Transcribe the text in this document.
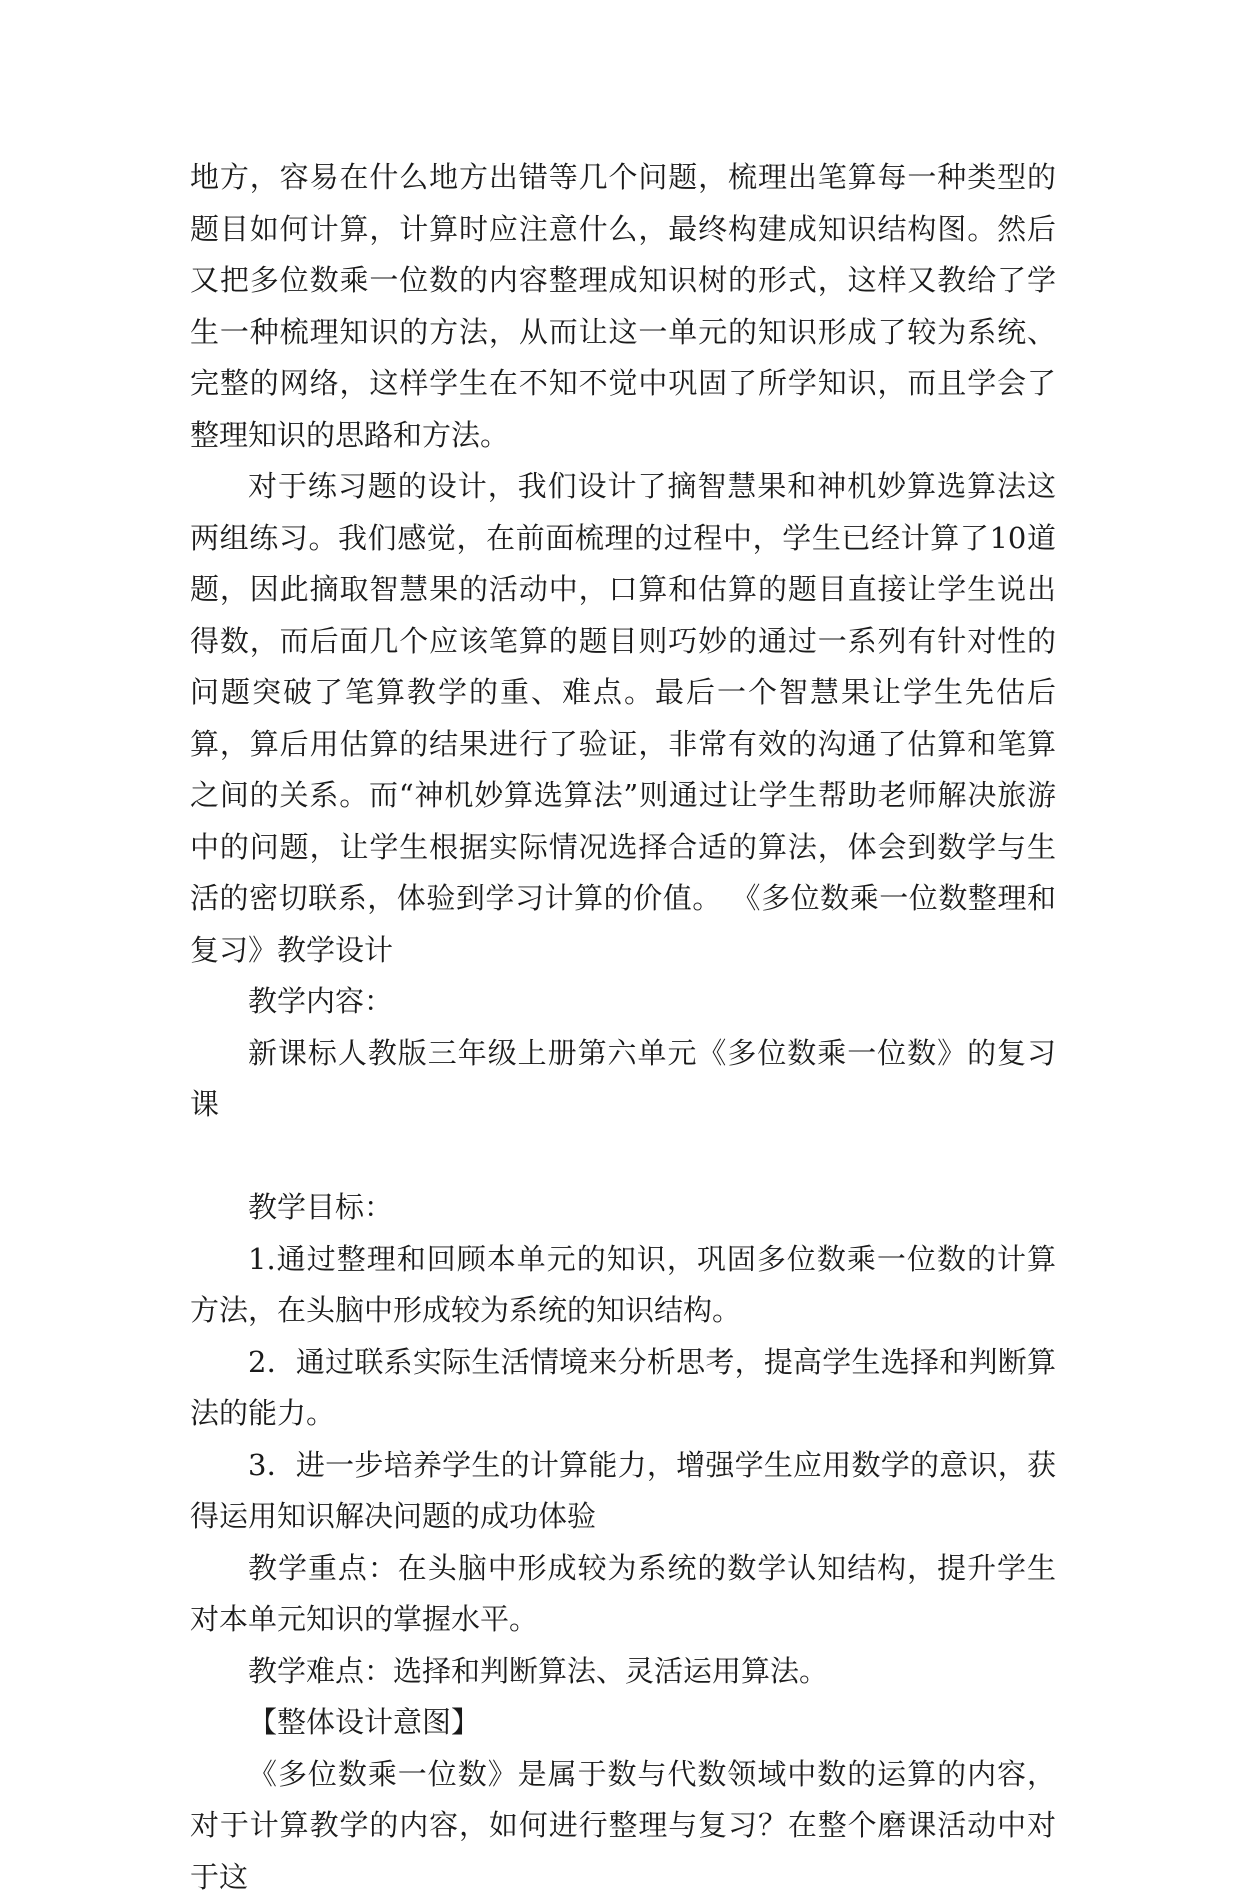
地方，容易在什么地方出错等几个问题，梳理出笔算每一种类型的题目如何计算，计算时应注意什么，最终构建成知识结构图。然后又把多位数乘一位数的内容整理成知识树的形式，这样又教给了学生一种梳理知识的方法，从而让这一单元的知识形成了较为系统、完整的网络，这样学生在不知不觉中巩固了所学知识，而且学会了整理知识的思路和方法。

对于练习题的设计，我们设计了摘智慧果和神机妙算选算法这两组练习。我们感觉，在前面梳理的过程中，学生已经计算了10道题，因此摘取智慧果的活动中，口算和估算的题目直接让学生说出得数，而后面几个应该笔算的题目则巧妙的通过一系列有针对性的问题突破了笔算教学的重、难点。最后一个智慧果让学生先估后算，算后用估算的结果进行了验证，非常有效的沟通了估算和笔算之间的关系。而“神机妙算选算法”则通过让学生帮助老师解决旅游中的问题，让学生根据实际情况选择合适的算法，体会到数学与生活的密切联系，体验到学习计算的价值。 《多位数乘一位数整理和复习》教学设计

教学内容：

新课标人教版三年级上册第六单元《多位数乘一位数》的复习课

教学目标：

1.通过整理和回顾本单元的知识，巩固多位数乘一位数的计算方法，在头脑中形成较为系统的知识结构。

2．通过联系实际生活情境来分析思考，提高学生选择和判断算法的能力。

3．进一步培养学生的计算能力，增强学生应用数学的意识，获得运用知识解决问题的成功体验

教学重点：在头脑中形成较为系统的数学认知结构，提升学生对本单元知识的掌握水平。

教学难点：选择和判断算法、灵活运用算法。

【整体设计意图】

《多位数乘一位数》是属于数与代数领域中数的运算的内容，对于计算教学的内容，如何进行整理与复习？在整个磨课活动中对于这
